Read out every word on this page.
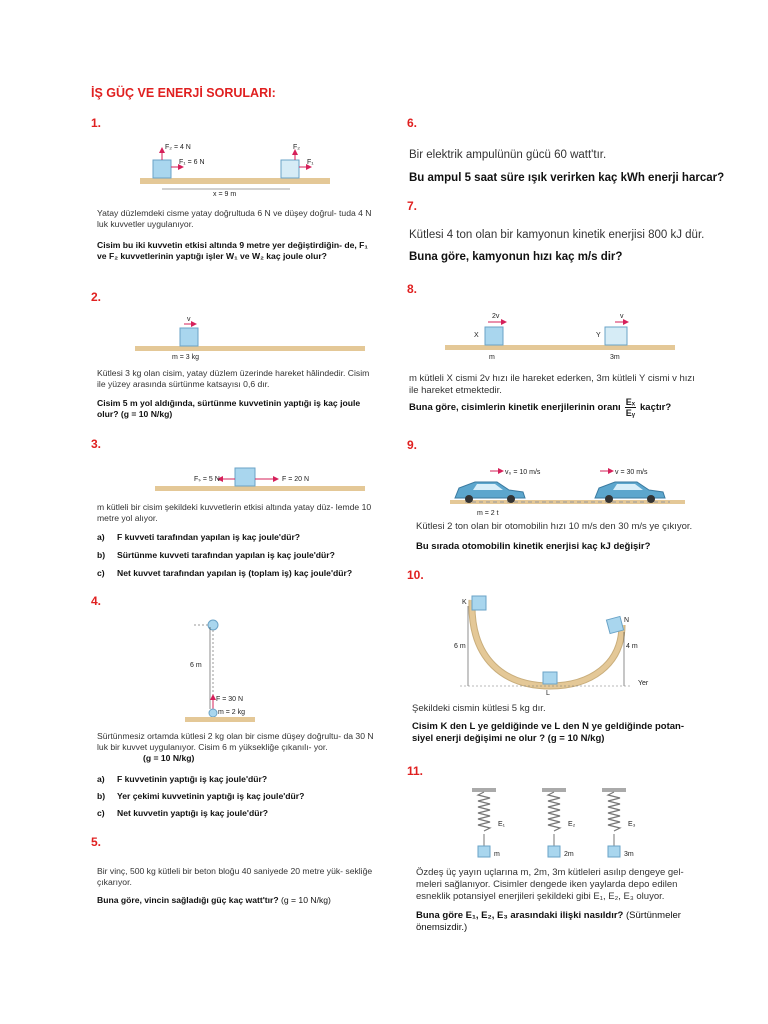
İŞ GÜÇ VE ENERJİ SORULARI:
1.
F₂ = 4 N
F₁ = 6 N
F₂
F₁
x = 9 m
Yatay düzlemdeki cisme yatay doğrultuda 6 N ve düşey doğrul- tuda 4 N luk kuvvetler uygulanıyor.
Cisim bu iki kuvvetin etkisi altında 9 metre yer değiştirdiğin- de, F₁ ve F₂ kuvvetlerinin yaptığı işler W₁ ve W₂ kaç joule olur?
2.
v
m = 3 kg
Kütlesi 3 kg olan cisim, yatay düzlem üzerinde hareket hâlindedir. Cisim ile yüzey arasında sürtünme katsayısı 0,6 dır.
Cisim 5 m yol aldığında, sürtünme kuvvetinin yaptığı iş kaç joule olur? (g = 10 N/kg)
3.
Fₛ = 5 N	F = 20 N
m kütleli bir cisim şekildeki kuvvetlerin etkisi altında yatay düz- lemde 10 metre yol alıyor.
a) F kuvveti tarafından yapılan iş kaç joule'dür?
b) Sürtünme kuvveti tarafından yapılan iş kaç joule'dür?
c) Net kuvvet tarafından yapılan iş (toplam iş) kaç joule'dür?
4.
6 m
F = 30 N
m = 2 kg
Sürtünmesiz ortamda kütlesi 2 kg olan bir cisme düşey doğrultu- da 30 N luk bir kuvvet uygulanıyor. Cisim 6 m yüksekliğe çıkanılı- yor.
(g = 10 N/kg)
a) F kuvvetinin yaptığı iş kaç joule'dür?
b) Yer çekimi kuvvetinin yaptığı iş kaç joule'dür?
c) Net kuvvetin yaptığı iş kaç joule'dür?
5.
Bir vinç, 500 kg kütleli bir beton bloğu 40 saniyede 20 metre yük- sekliğe çıkarıyor.
Buna göre, vincin sağladığı güç kaç watt'tır? (g = 10 N/kg)
6.
Bir elektrik ampulünün gücü 60 watt'tır.
Bu ampul 5 saat süre ışık verirken kaç kWh enerji harcar?
7.
Kütlesi 4 ton olan bir kamyonun kinetik enerjisi 800 kJ dür.
Buna göre, kamyonun hızı kaç m/s dir?
8.
2v
X
m
v
Y
3m
m kütleli X cismi 2v hızı ile hareket ederken, 3m kütleli Y cismi v hızı ile hareket etmektedir.
Buna göre, cisimlerin kinetik enerjilerinin oranı $\frac{\text{Eₓ}}{\text{Eᵧ}}$ kaçtır?
9.
v₀ = 10 m/s	v = 30 m/s
m = 2 t
Kütlesi 2 ton olan bir otomobilin hızı 10 m/s den 30 m/s ye çıkıyor.
Bu sırada otomobilin kinetik enerjisi kaç kJ değişir?
10.
K
N
L
6 m	4 m
Yer
Şekildeki cismin kütlesi 5 kg dır.
Cisim K den L ye geldiğinde ve L den N ye geldiğinde potan- siyel enerji değişimi ne olur ? (g = 10 N/kg)
11.
E₁
m
E₂
2m
E₃
3m
Özdeş üç yayın uçlarına m, 2m, 3m kütleleri asılıp dengeye gel- meleri sağlanıyor. Cisimler dengede iken yaylarda depo edilen esneklik potansiyel enerjileri şekildeki gibi E₁, E₂, E₃ oluyor.
Buna göre E₁, E₂, E₃ arasındaki ilişki nasıldır? (Sürtünmeler önemsizdir.)
